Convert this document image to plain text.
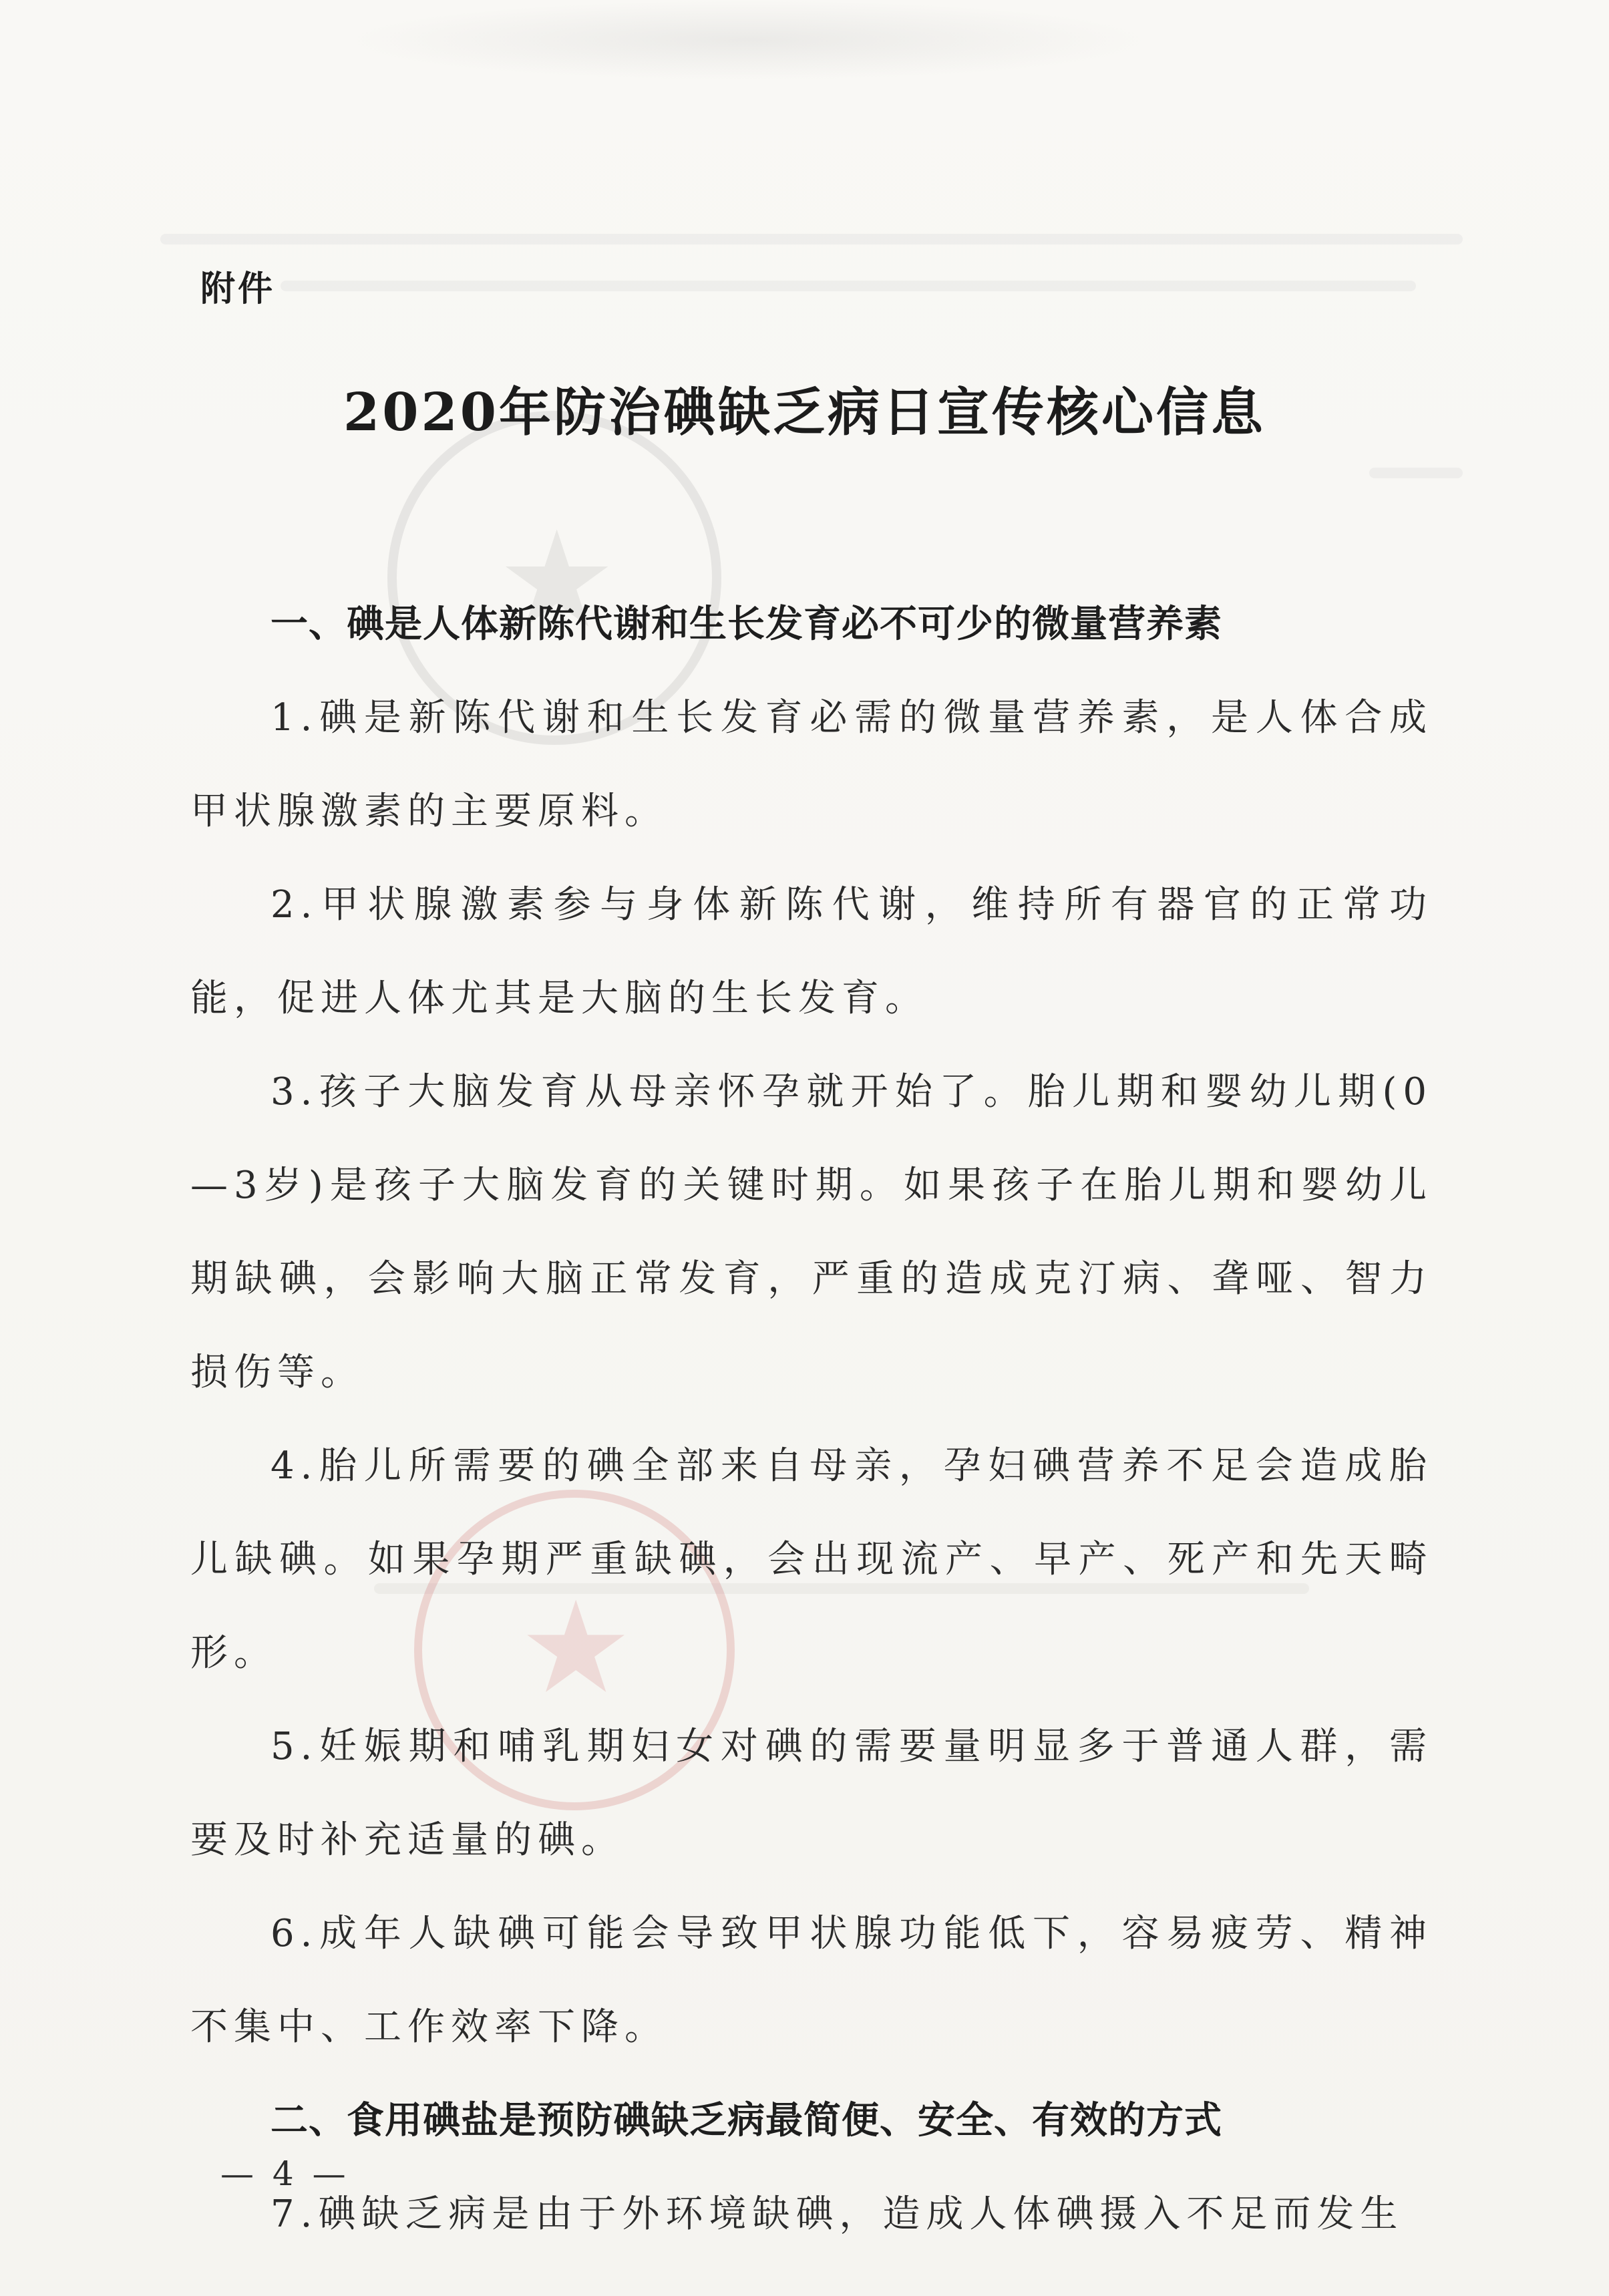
★
★

附件

2020年防治碘缺乏病日宣传核心信息
一、碘是人体新陈代谢和生长发育必不可少的微量营养素

1.碘是新陈代谢和生长发育必需的微量营养素，是人体合成甲状腺激素的主要原料。

2.甲状腺激素参与身体新陈代谢，维持所有器官的正常功能，促进人体尤其是大脑的生长发育。

3.孩子大脑发育从母亲怀孕就开始了。胎儿期和婴幼儿期(0—3岁)是孩子大脑发育的关键时期。如果孩子在胎儿期和婴幼儿期缺碘，会影响大脑正常发育，严重的造成克汀病、聋哑、智力损伤等。

4.胎儿所需要的碘全部来自母亲，孕妇碘营养不足会造成胎儿缺碘。如果孕期严重缺碘，会出现流产、早产、死产和先天畸形。

5.妊娠期和哺乳期妇女对碘的需要量明显多于普通人群，需要及时补充适量的碘。

6.成年人缺碘可能会导致甲状腺功能低下，容易疲劳、精神不集中、工作效率下降。

二、食用碘盐是预防碘缺乏病最简便、安全、有效的方式

7.碘缺乏病是由于外环境缺碘，造成人体碘摄入不足而发生

— 4 —
